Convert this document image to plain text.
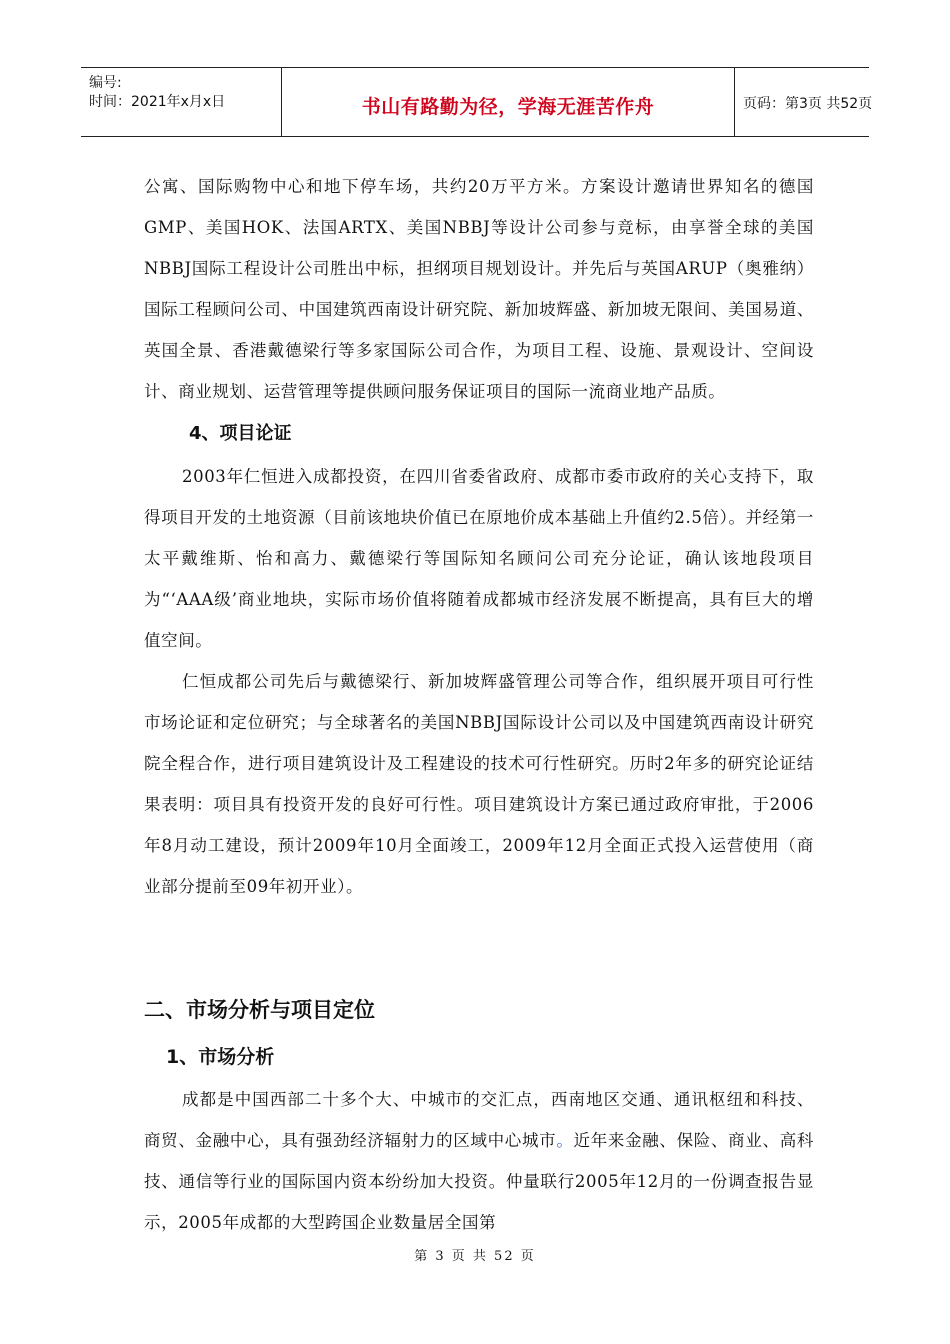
编号:
时间：2021年x月x日	书山有路勤为径，学海无涯苦作舟	页码：第3页 共52页

公寓、国际购物中心和地下停车场，共约20万平方米。方案设计邀请世界知名的德国GMP、美国HOK、法国ARTX、美国NBBJ等设计公司参与竞标，由享誉全球的美国NBBJ国际工程设计公司胜出中标，担纲项目规划设计。并先后与英国ARUP（奥雅纳）国际工程顾问公司、中国建筑西南设计研究院、新加坡辉盛、新加坡无限间、美国易道、英国全景、香港戴德梁行等多家国际公司合作，为项目工程、设施、景观设计、空间设计、商业规划、运营管理等提供顾问服务保证项目的国际一流商业地产品质。

4、项目论证

2003年仁恒进入成都投资，在四川省委省政府、成都市委市政府的关心支持下，取得项目开发的土地资源（目前该地块价值已在原地价成本基础上升值约2.5倍）。并经第一太平戴维斯、怡和高力、戴德梁行等国际知名顾问公司充分论证，确认该地段项目为“‘AAA级’商业地块，实际市场价值将随着成都城市经济发展不断提高，具有巨大的增值空间。

仁恒成都公司先后与戴德梁行、新加坡辉盛管理公司等合作，组织展开项目可行性市场论证和定位研究；与全球著名的美国NBBJ国际设计公司以及中国建筑西南设计研究院全程合作，进行项目建筑设计及工程建设的技术可行性研究。历时2年多的研究论证结果表明：项目具有投资开发的良好可行性。项目建筑设计方案已通过政府审批，于2006年8月动工建设，预计2009年10月全面竣工，2009年12月全面正式投入运营使用（商业部分提前至09年初开业）。

二、市场分析与项目定位
1、市场分析

成都是中国西部二十多个大、中城市的交汇点，西南地区交通、通讯枢纽和科技、商贸、金融中心，具有强劲经济辐射力的区域中心城市。近年来金融、保险、商业、高科技、通信等行业的国际国内资本纷纷加大投资。仲量联行2005年12月的一份调查报告显示，2005年成都的大型跨国企业数量居全国第

第 3 页 共 52 页
